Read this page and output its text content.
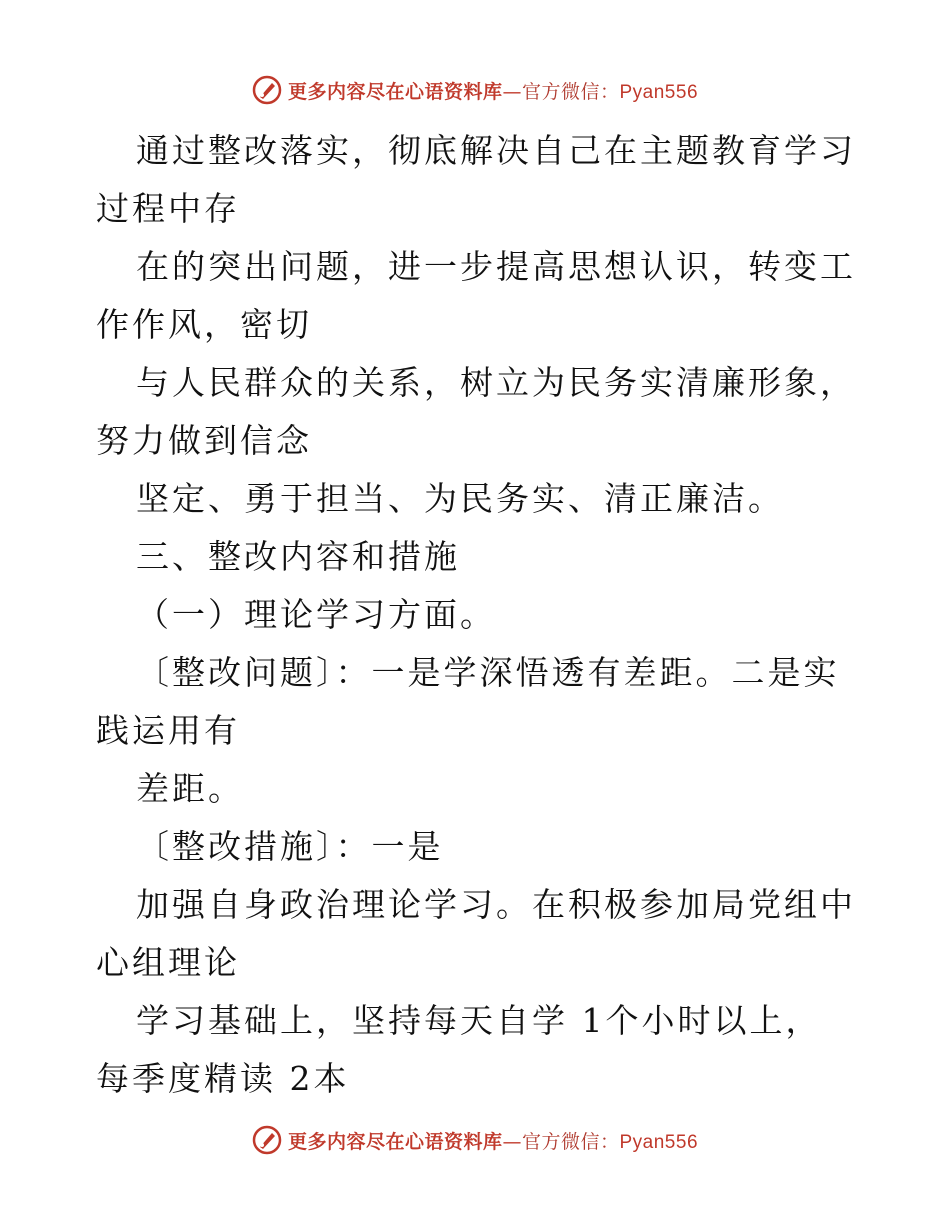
更多内容尽在心语资料库—官方微信：Pyan556

通过整改落实，彻底解决自己在主题教育学习过程中存

在的突出问题，进一步提高思想认识，转变工作作风，密切

与人民群众的关系，树立为民务实清廉形象，努力做到信念

坚定、勇于担当、为民务实、清正廉洁。

三、整改内容和措施

（一）理论学习方面。

〔整改问题〕：一是学深悟透有差距。二是实践运用有

差距。

〔整改措施〕：一是

加强自身政治理论学习。在积极参加局党组中心组理论

学习基础上，坚持每天自学 1个小时以上，每季度精读 2本

更多内容尽在心语资料库—官方微信：Pyan556
